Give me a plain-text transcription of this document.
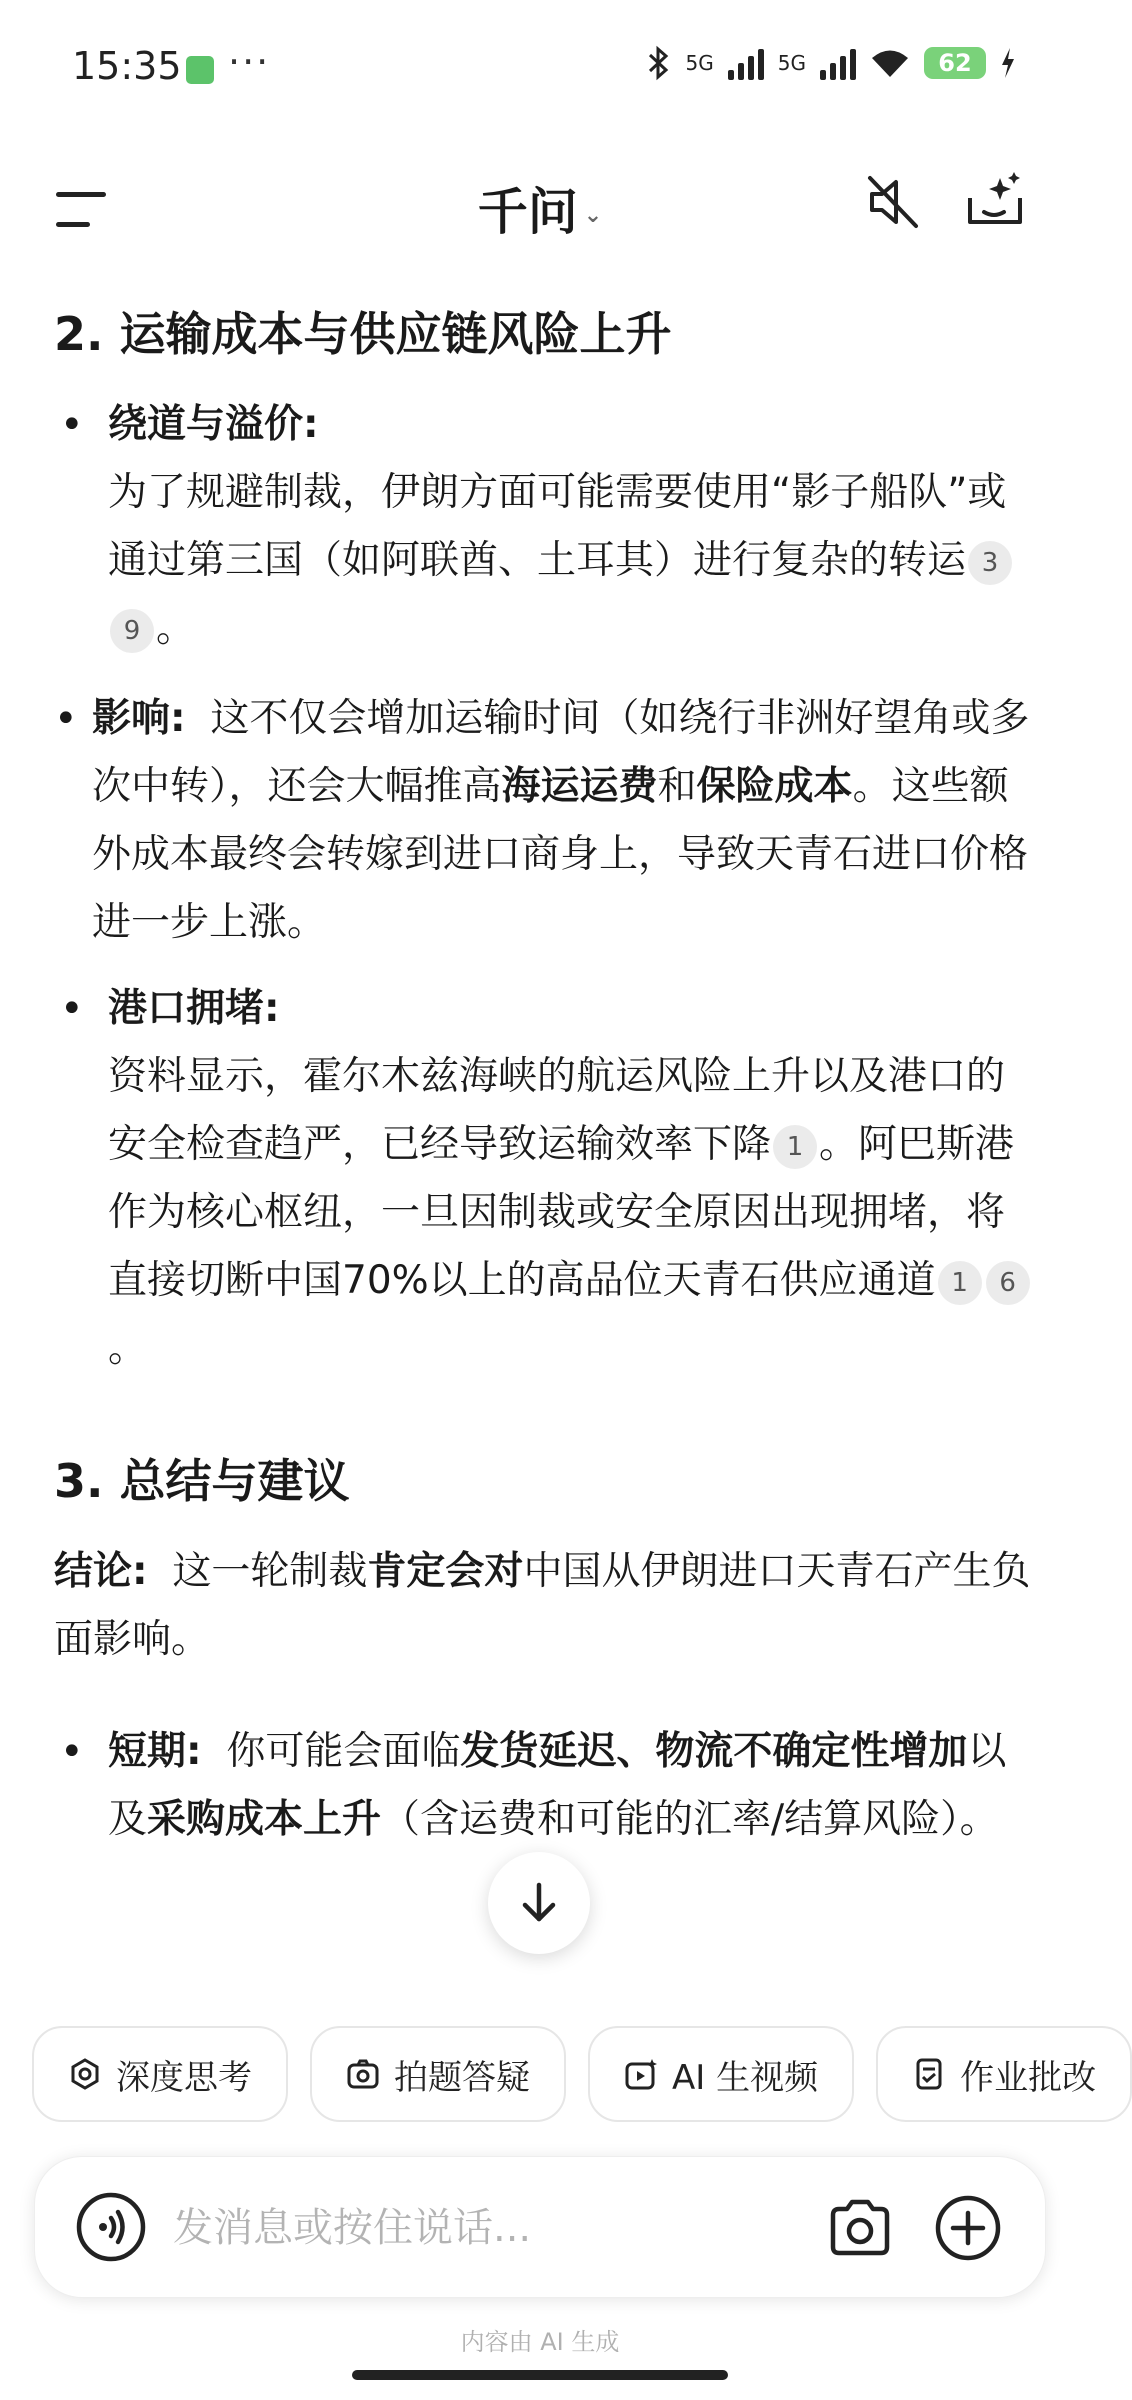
15:35 ···	5G	5G	62
千问 ⌄
2. 运输成本与供应链风险上升
• 绕道与溢价:
为了规避制裁，伊朗方面可能需要使用“影子船队”或通过第三国（如阿联酋、土耳其）进行复杂的转运 39 。
• 影响: 这不仅会增加运输时间（如绕行非洲好望角或多次中转），还会大幅推高海运运费和保险成本。这些额外成本最终会转嫁到进口商身上，导致天青石进口价格进一步上涨。
• 港口拥堵:
资料显示，霍尔木兹海峡的航运风险上升以及港口的安全检查趋严，已经导致运输效率下降 1 。阿巴斯港作为核心枢纽，一旦因制裁或安全原因出现拥堵，将直接切断中国70%以上的高品位天青石供应通道 1 6。
3. 总结与建议
结论: 这一轮制裁肯定会对中国从伊朗进口天青石产生负面影响。
• 短期: 你可能会面临发货延迟、物流不确定性增加以及采购成本上升（含运费和可能的汇率/结算风险）。
深度思考	拍题答疑	AI 生视频	作业批改
发消息或按住说话...
内容由 AI 生成
